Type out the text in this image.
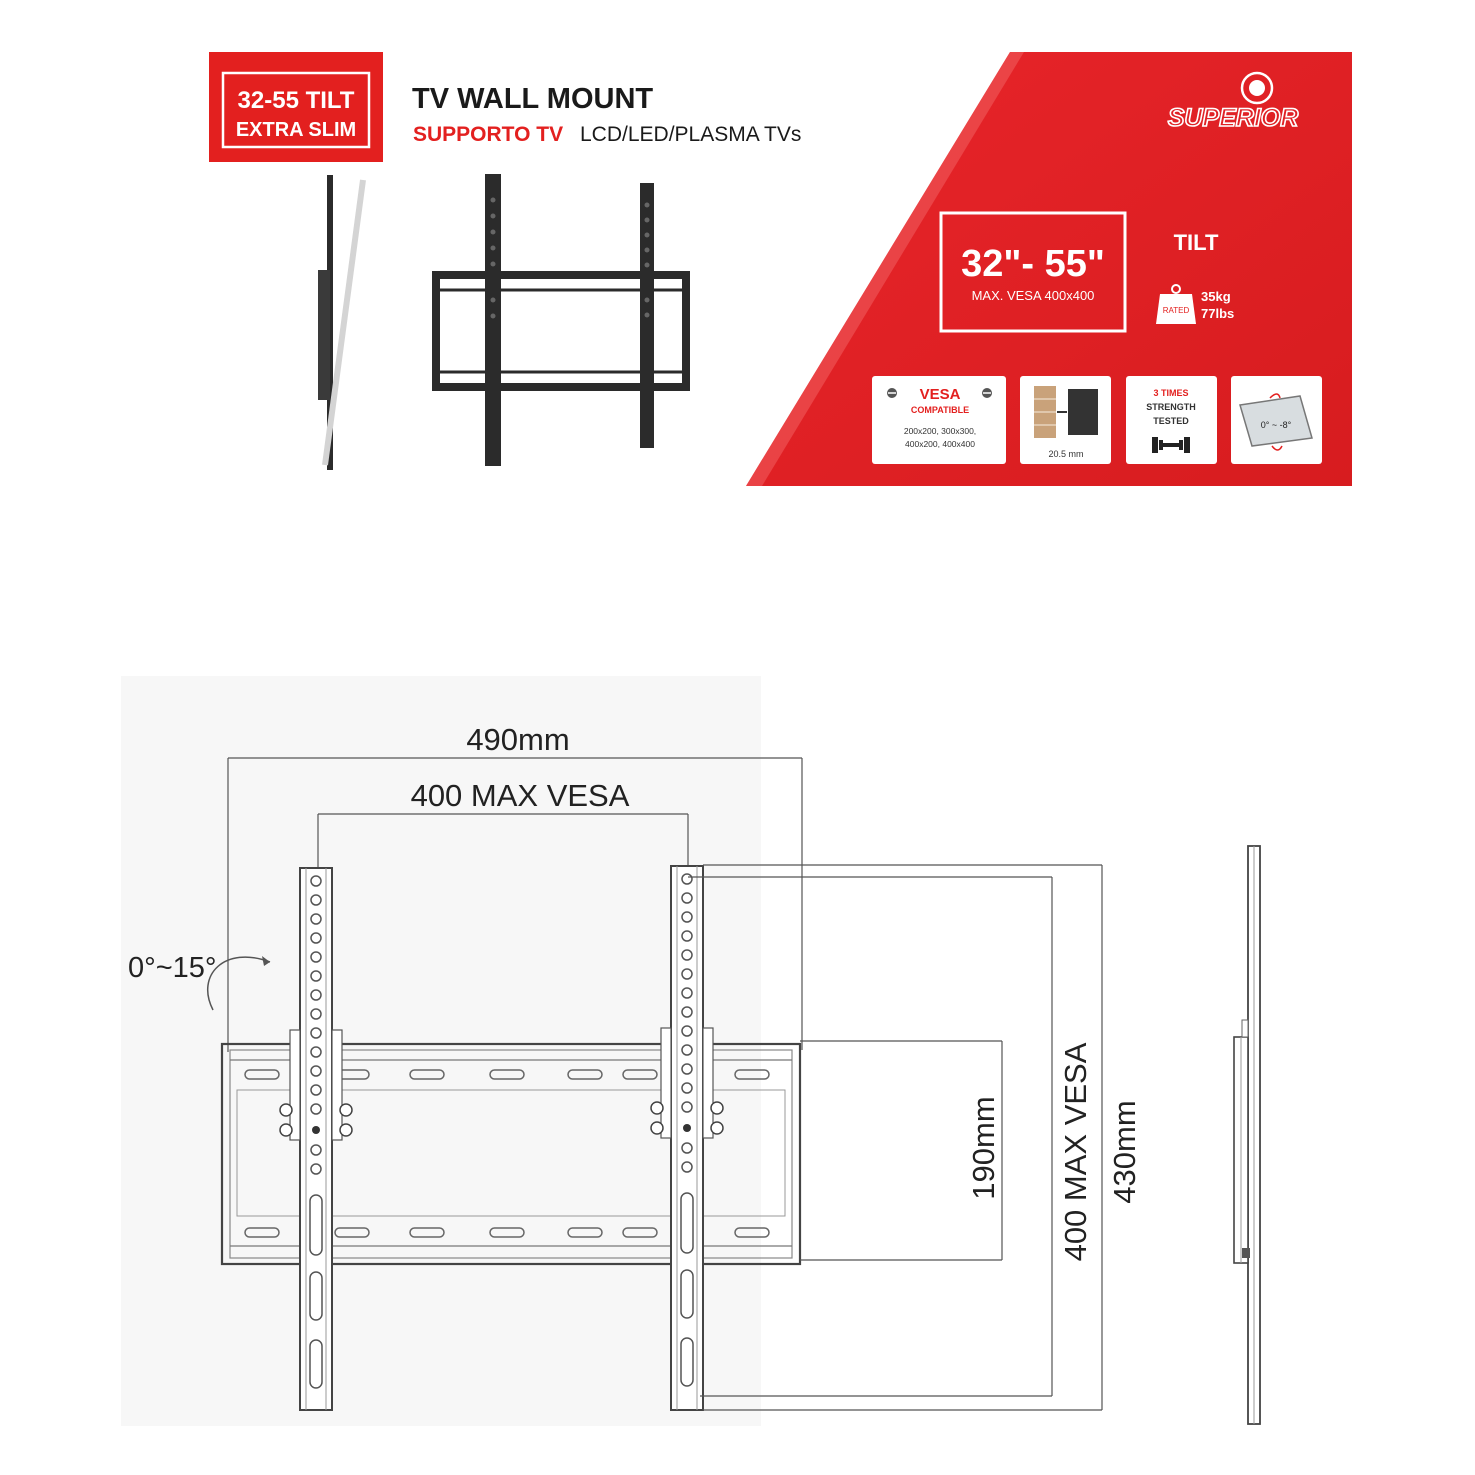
32-55 TILT
EXTRA SLIM
TV WALL MOUNT
SUPPORTO TV LCD/LED/PLASMA TVs
SUPERIOR
32"- 55"
MAX. VESA 400x400
TILT
RATED
35kg
77lbs
VESA
COMPATIBLE
200x200, 300x300,
400x200, 400x400
20.5 mm
3 TIMES
STRENGTH
TESTED	0° ~ -8°
490mm
400 MAX VESA
0°~15°
190mm 400 MAX VESA 430mm
